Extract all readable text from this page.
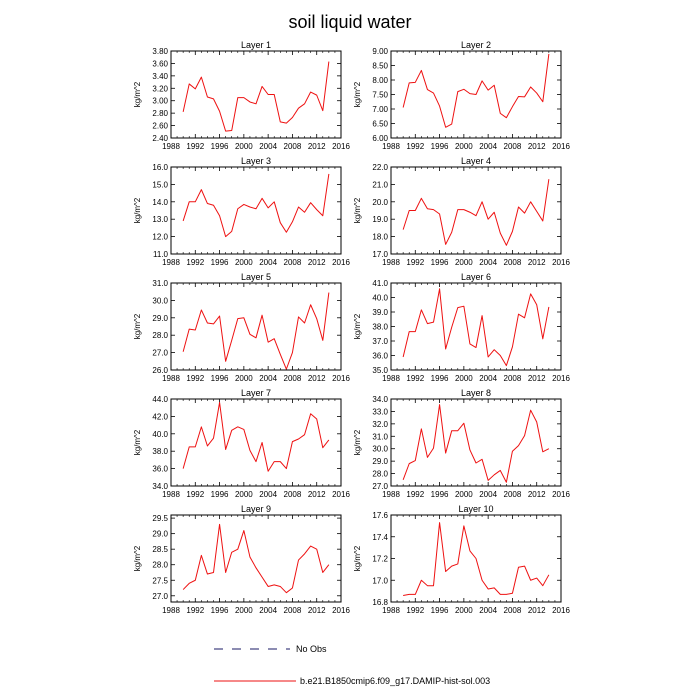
soil liquid water
Layer 1
1988 1992 1996 2000 2004 2008 2012 2016
2.40
2.60
2.80
3.00
3.20
3.40
3.60
3.80
kg/m^2
Layer 2
1988 1992 1996 2000 2004 2008 2012 2016
6.00
6.50
7.00
7.50
8.00
8.50
9.00
kg/m^2
Layer 3
1988 1992 1996 2000 2004 2008 2012 2016
11.0
12.0
13.0
14.0
15.0
16.0
kg/m^2
Layer 4
1988 1992 1996 2000 2004 2008 2012 2016
17.0
18.0
19.0
20.0
21.0
22.0
kg/m^2
Layer 5
1988 1992 1996 2000 2004 2008 2012 2016
26.0
27.0
28.0
29.0
30.0
31.0
kg/m^2
Layer 6
1988 1992 1996 2000 2004 2008 2012 2016
35.0
36.0
37.0
38.0
39.0
40.0
41.0
kg/m^2
Layer 7
1988 1992 1996 2000 2004 2008 2012 2016
34.0
36.0
38.0
40.0
42.0
44.0
kg/m^2
Layer 8
1988 1992 1996 2000 2004 2008 2012 2016
27.0
28.0
29.0
30.0
31.0
32.0
33.0
34.0
kg/m^2
Layer 9
1988 1992 1996 2000 2004 2008 2012 2016
27.0
27.5
28.0
28.5
29.0
29.5
kg/m^2
Layer 10
1988 1992 1996 2000 2004 2008 2012 2016
16.8
17.0
17.2
17.4
17.6
kg/m^2
No Obs
b.e21.B1850cmip6.f09_g17.DAMIP-hist-sol.003
